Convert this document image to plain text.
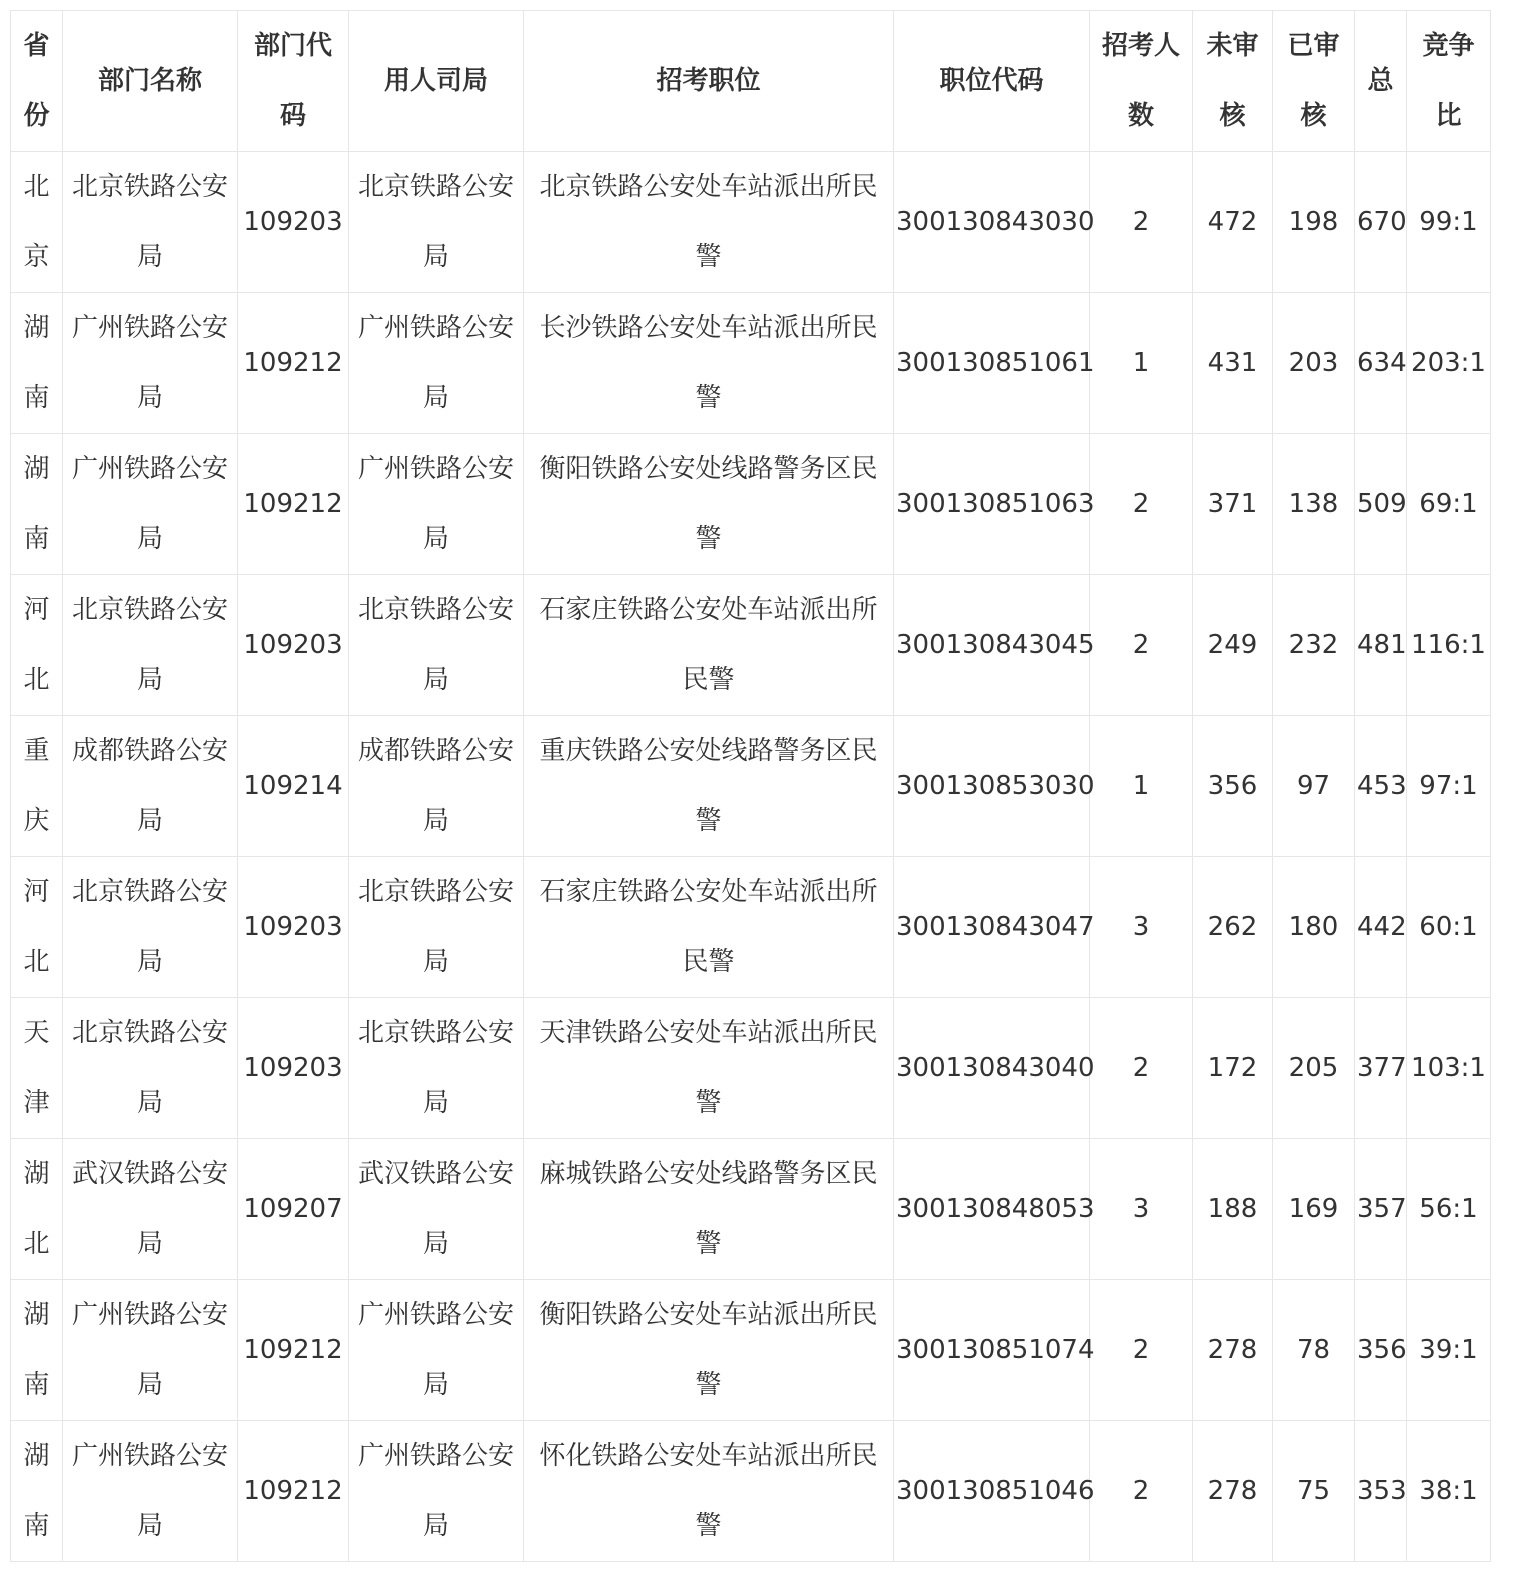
省份	部门名称	部门代码	用人司局	招考职位	职位代码	招考人数	未审核	已审核	总	竞争比
北京	北京铁路公安局	109203	北京铁路公安局	北京铁路公安处车站派出所民警	300130843030	2	472	198	670	99:1
湖南	广州铁路公安局	109212	广州铁路公安局	长沙铁路公安处车站派出所民警	300130851061	1	431	203	634	203:1
湖南	广州铁路公安局	109212	广州铁路公安局	衡阳铁路公安处线路警务区民警	300130851063	2	371	138	509	69:1
河北	北京铁路公安局	109203	北京铁路公安局	石家庄铁路公安处车站派出所民警	300130843045	2	249	232	481	116:1
重庆	成都铁路公安局	109214	成都铁路公安局	重庆铁路公安处线路警务区民警	300130853030	1	356	97	453	97:1
河北	北京铁路公安局	109203	北京铁路公安局	石家庄铁路公安处车站派出所民警	300130843047	3	262	180	442	60:1
天津	北京铁路公安局	109203	北京铁路公安局	天津铁路公安处车站派出所民警	300130843040	2	172	205	377	103:1
湖北	武汉铁路公安局	109207	武汉铁路公安局	麻城铁路公安处线路警务区民警	300130848053	3	188	169	357	56:1
湖南	广州铁路公安局	109212	广州铁路公安局	衡阳铁路公安处车站派出所民警	300130851074	2	278	78	356	39:1
湖南	广州铁路公安局	109212	广州铁路公安局	怀化铁路公安处车站派出所民警	300130851046	2	278	75	353	38:1
